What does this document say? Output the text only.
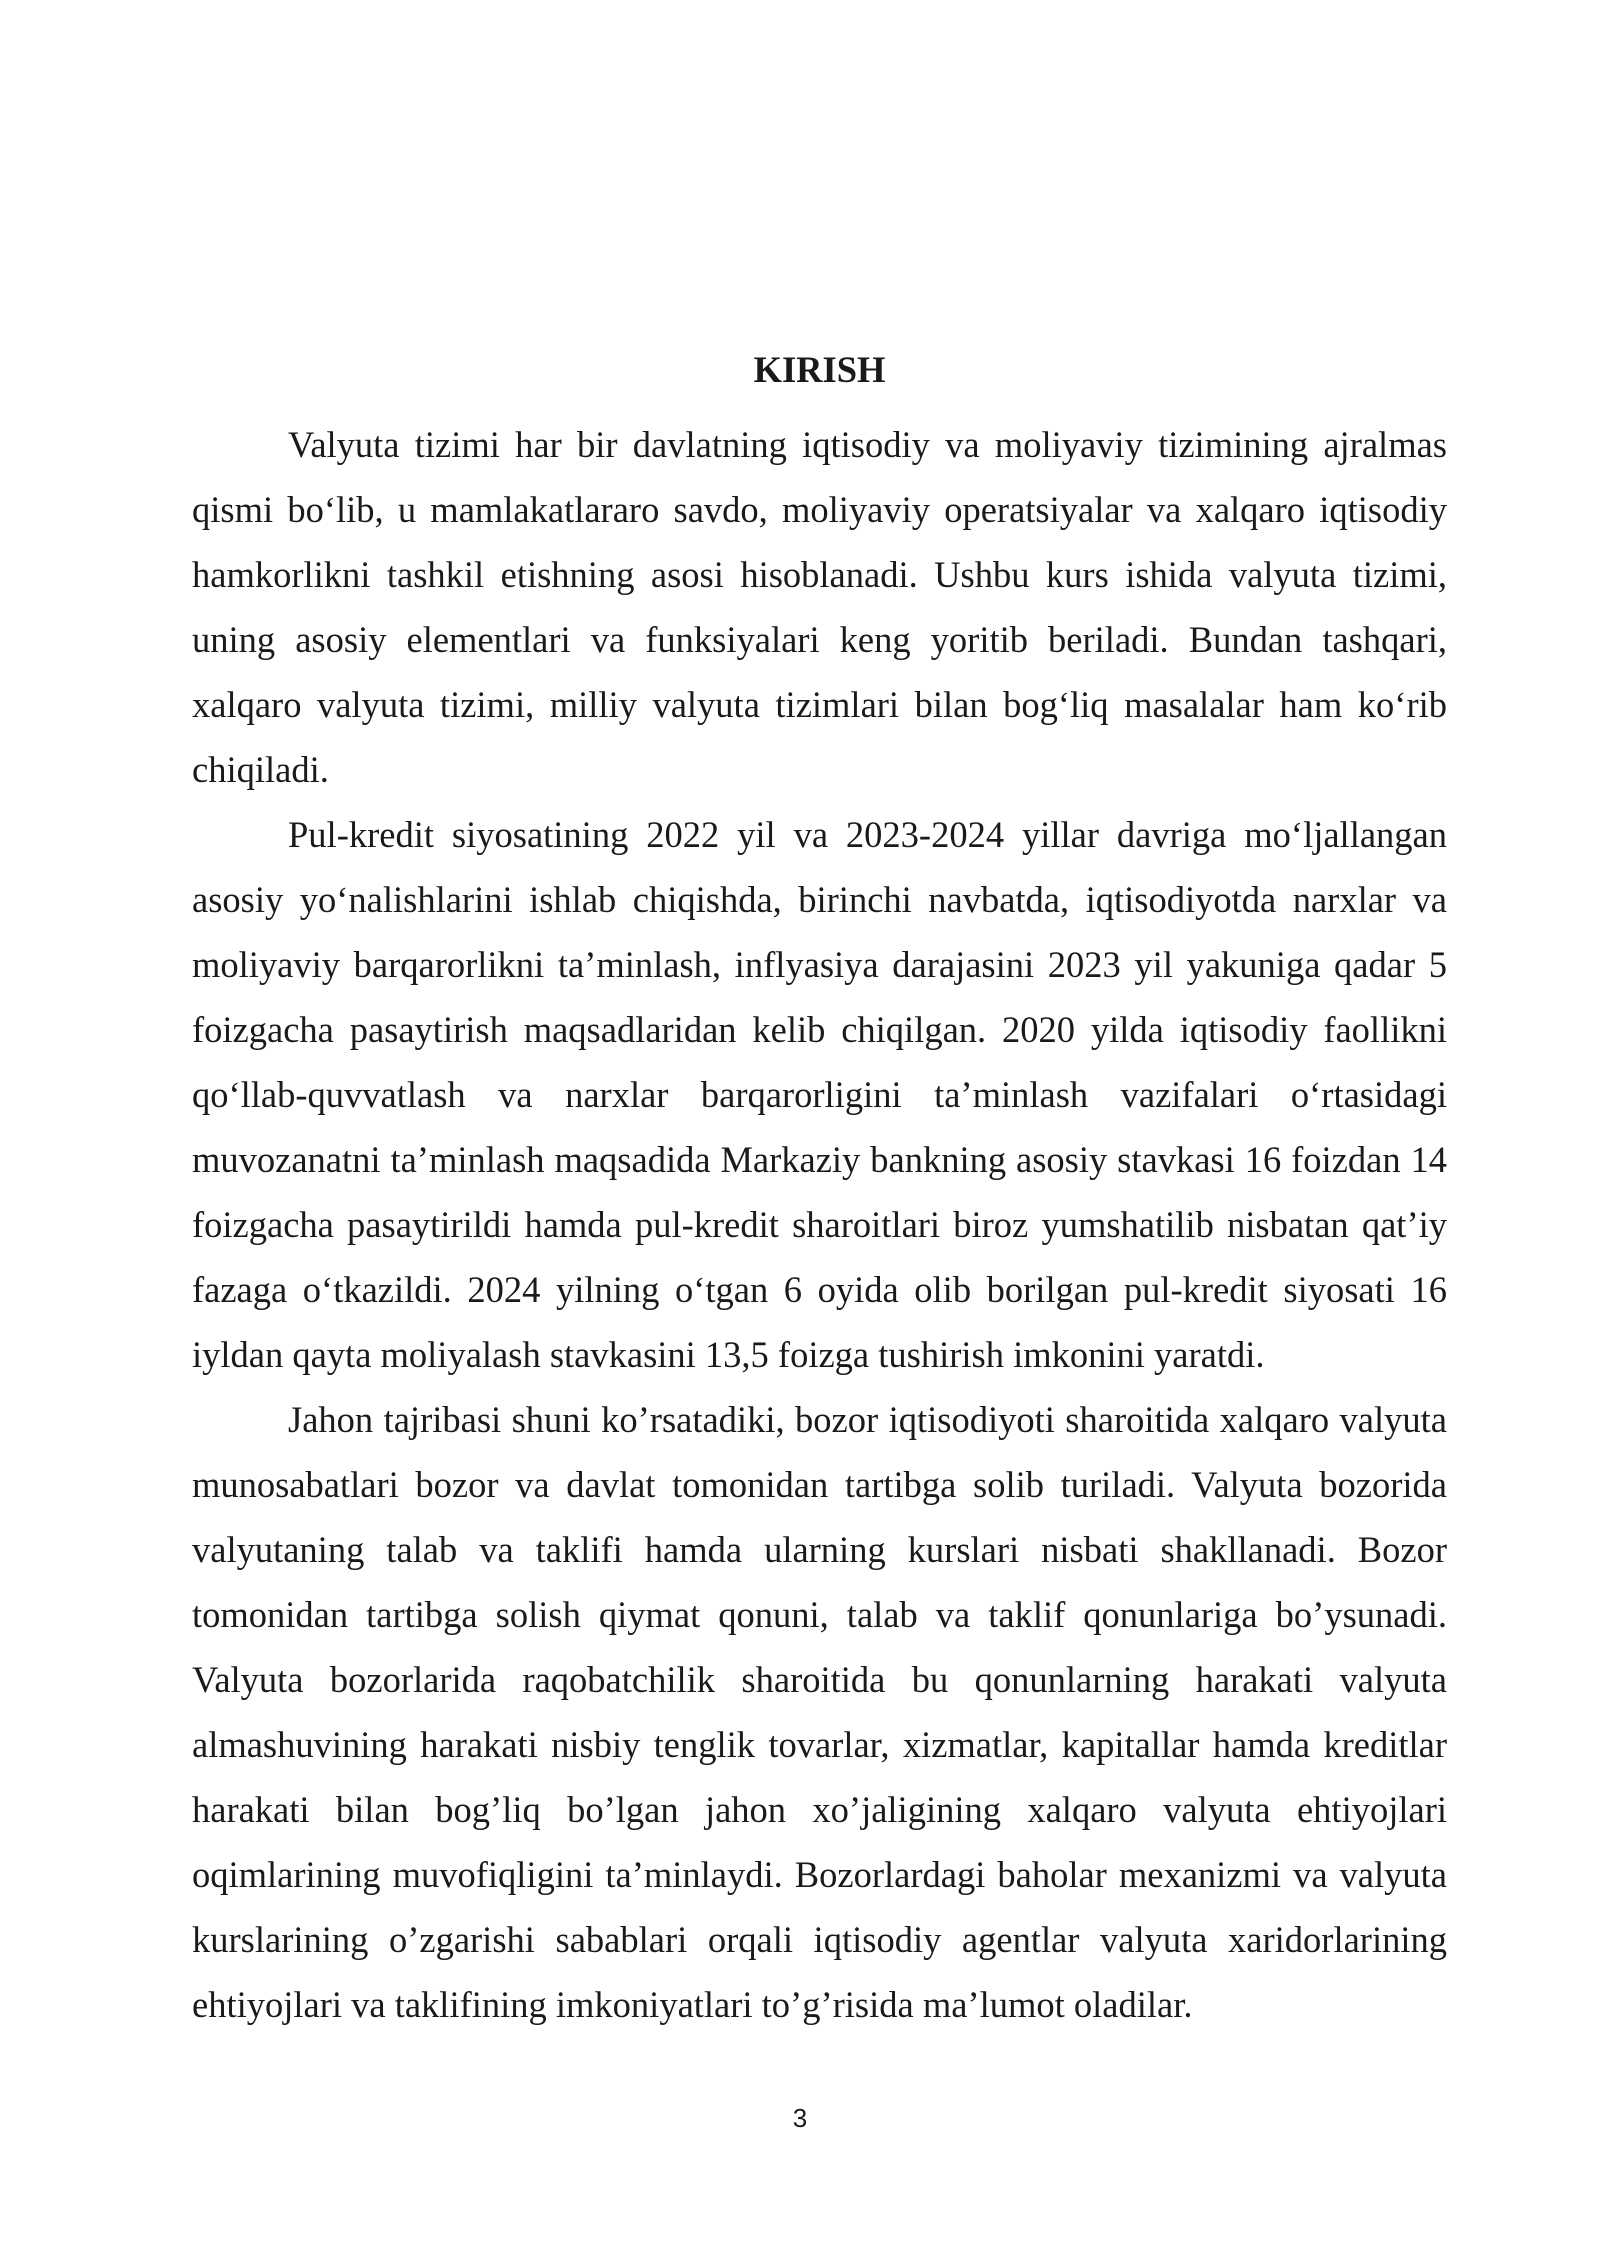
KIRISH

Valyuta tizimi har bir davlatning iqtisodiy va moliyaviy tizimining ajralmas qismi bo‘lib, u mamlakatlararo savdo, moliyaviy operatsiyalar va xalqaro iqtisodiy hamkorlikni tashkil etishning asosi hisoblanadi. Ushbu kurs ishida valyuta tizimi, uning asosiy elementlari va funksiyalari keng yoritib beriladi. Bundan tashqari, xalqaro valyuta tizimi, milliy valyuta tizimlari bilan bog‘liq masalalar ham ko‘rib chiqiladi.

Pul-kredit siyosatining 2022 yil va 2023-2024 yillar davriga mo‘ljallangan asosiy yo‘nalishlarini ishlab chiqishda, birinchi navbatda, iqtisodiyotda narxlar va moliyaviy barqarorlikni ta’minlash, inflyasiya darajasini 2023 yil yakuniga qadar 5 foizgacha pasaytirish maqsadlaridan kelib chiqilgan. 2020 yilda iqtisodiy faollikni qo‘llab-quvvatlash va narxlar barqarorligini ta’minlash vazifalari o‘rtasidagi muvozanatni ta’minlash maqsadida Markaziy bankning asosiy stavkasi 16 foizdan 14 foizgacha pasaytirildi hamda pul-kredit sharoitlari biroz yumshatilib nisbatan qat’iy fazaga o‘tkazildi. 2024 yilning o‘tgan 6 oyida olib borilgan pul-kredit siyosati 16 iyldan qayta moliyalash stavkasini 13,5 foizga tushirish imkonini yaratdi.

Jahon tajribasi shuni ko’rsatadiki, bozor iqtisodiyoti sharoitida xalqaro valyuta munosabatlari bozor va davlat tomonidan tartibga solib turiladi. Valyuta bozorida valyutaning talab va taklifi hamda ularning kurslari nisbati shakllanadi. Bozor tomonidan tartibga solish qiymat qonuni, talab va taklif qonunlariga bo’ysunadi. Valyuta bozorlarida raqobatchilik sharoitida bu qonunlarning harakati valyuta almashuvining harakati nisbiy tenglik tovarlar, xizmatlar, kapitallar hamda kreditlar harakati bilan bog’liq bo’lgan jahon xo’jaligining xalqaro valyuta ehtiyojlari oqimlarining muvofiqligini ta’minlaydi. Bozorlardagi baholar mexanizmi va valyuta kurslarining o’zgarishi sabablari orqali iqtisodiy agentlar valyuta xaridorlarining ehtiyojlari va taklifining imkoniyatlari to’g’risida ma’lumot oladilar.

3
